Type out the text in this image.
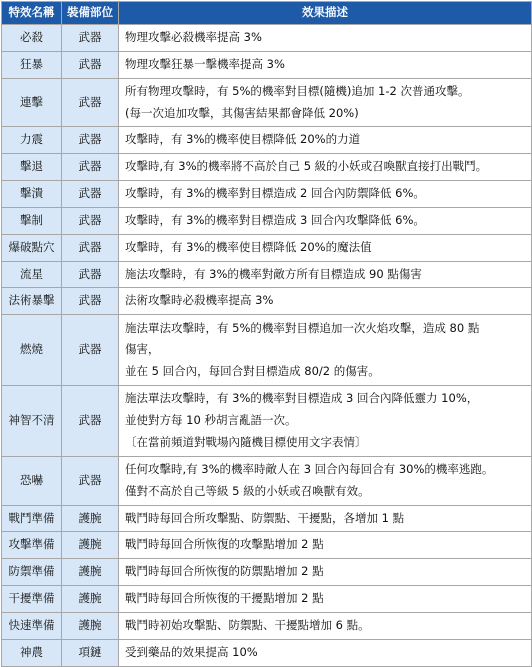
特效名稱	裝備部位	效果描述
必殺	武器	物理攻擊必殺機率提高 3%

狂暴	武器	物理攻擊狂暴一擊機率提高 3%

連擊	武器	所有物理攻擊時，有 5%的機率對目標(隨機)追加 1-2 次普通攻擊。
(每一次追加攻擊，其傷害結果都會降低 20%)

力震	武器	攻擊時，有 3%的機率使目標降低 20%的力道

擊退	武器	攻擊時,有 3%的機率將不高於自己 5 級的小妖或召喚獸直接打出戰鬥。

擊潰	武器	攻擊時，有 3%的機率對目標造成 2 回合內防禦降低 6%。

擊制	武器	攻擊時，有 3%的機率對目標造成 3 回合內攻擊降低 6%。

爆破點穴	武器	攻擊時，有 3%的機率使目標降低 20%的魔法值

流星	武器	施法攻擊時，有 3%的機率對敵方所有目標造成 90 點傷害

法術暴擊	武器	法術攻擊時必殺機率提高 3%

燃燒	武器	施法單法攻擊時，有 5%的機率對目標追加一次火焰攻擊，造成 80 點
傷害，
並在 5 回合內，每回合對目標造成 80/2 的傷害。

神智不清	武器	施法單法攻擊時，有 3%的機率對目標造成 3 回合內降低靈力 10%，
並使對方每 10 秒胡言亂語一次。
〔在當前頻道對戰場內隨機目標使用文字表情〕

恐嚇	武器	任何攻擊時,有 3%的機率時敵人在 3 回合內每回合有 30%的機率逃跑。
僅對不高於自己等級 5 級的小妖或召喚獸有效。

戰鬥準備	護腕	戰鬥時每回合所攻擊點、防禦點、干擾點，各增加 1 點

攻擊準備	護腕	戰鬥時每回合所恢復的攻擊點增加 2 點

防禦準備	護腕	戰鬥時每回合所恢復的防禦點增加 2 點

干擾準備	護腕	戰鬥時每回合所恢復的干擾點增加 2 點

快速準備	護腕	戰鬥時初始攻擊點、防禦點、干擾點增加 6 點。

神農	項鏈	受到藥品的效果提高 10%
